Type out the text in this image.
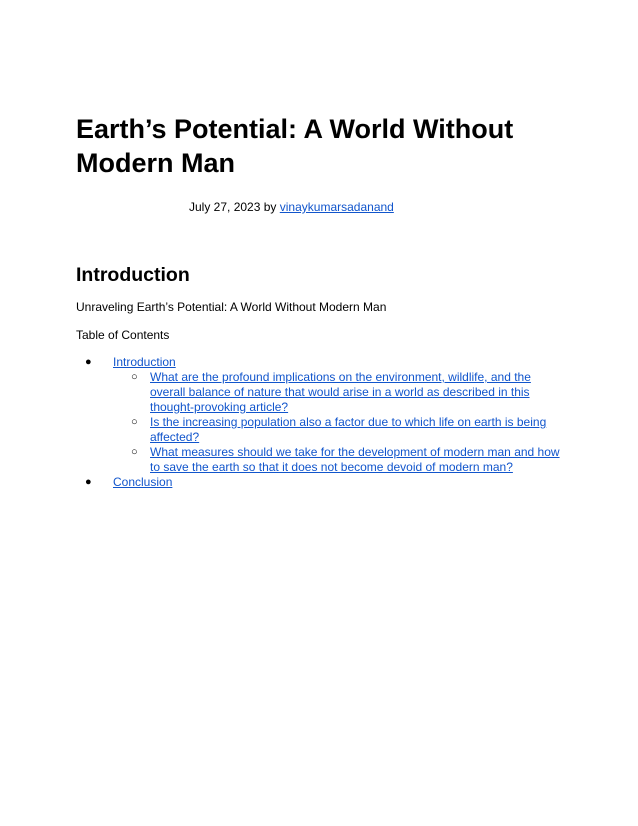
Earth’s Potential: A World Without Modern Man
July 27, 2023 by vinaykumarsadanand
Introduction

Unraveling Earth’s Potential: A World Without Modern Man

Table of Contents

● Introduction
○ What are the profound implications on the environment, wildlife, and the overall balance of nature that would arise in a world as described in this thought-provoking article?
○ Is the increasing population also a factor due to which life on earth is being affected?
○ What measures should we take for the development of modern man and how to save the earth so that it does not become devoid of modern man?
● Conclusion
